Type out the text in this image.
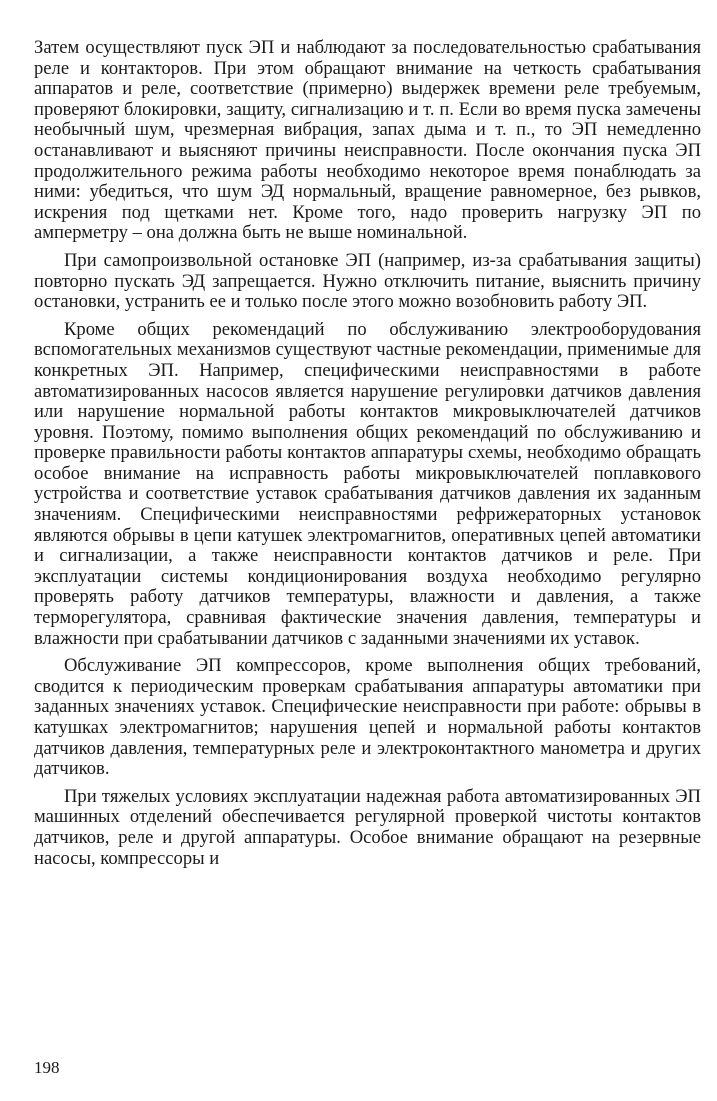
Затем осуществляют пуск ЭП и наблюдают за последовательностью срабатывания реле и контакторов. При этом обращают внимание на четкость срабатывания аппаратов и реле, соответствие (примерно) выдержек времени реле требуемым, проверяют блокировки, защиту, сигнализацию и т. п. Если во время пуска замечены необычный шум, чрезмерная вибрация, запах дыма и т. п., то ЭП немедленно останавливают и выясняют причины неисправности. После окончания пуска ЭП продолжительного режима работы необходимо некоторое время понаблюдать за ними: убедиться, что шум ЭД нормальный, вращение равномерное, без рывков, искрения под щетками нет. Кроме того, надо проверить нагрузку ЭП по амперметру – она должна быть не выше номинальной.

При самопроизвольной остановке ЭП (например, из-за срабатывания защиты) повторно пускать ЭД запрещается. Нужно отключить питание, выяснить причину остановки, устранить ее и только после этого можно возобновить работу ЭП.

Кроме общих рекомендаций по обслуживанию электрооборудования вспомогательных механизмов существуют частные рекомендации, применимые для конкретных ЭП. Например, специфическими неисправностями в работе автоматизированных насосов является нарушение регулировки датчиков давления или нарушение нормальной работы контактов микровыключателей датчиков уровня. Поэтому, помимо выполнения общих рекомендаций по обслуживанию и проверке правильности работы контактов аппаратуры схемы, необходимо обращать особое внимание на исправность работы микровыключателей поплавкового устройства и соответствие уставок срабатывания датчиков давления их заданным значениям. Специфическими неисправностями рефрижераторных установок являются обрывы в цепи катушек электромагнитов, оперативных цепей автоматики и сигнализации, а также неисправности контактов датчиков и реле. При эксплуатации системы кондиционирования воздуха необходимо регулярно проверять работу датчиков температуры, влажности и давления, а также терморегулятора, сравнивая фактические значения давления, температуры и влажности при срабатывании датчиков с заданными значениями их уставок.

Обслуживание ЭП компрессоров, кроме выполнения общих требований, сводится к периодическим проверкам срабатывания аппаратуры автоматики при заданных значениях уставок. Специфические неисправности при работе: обрывы в катушках электромагнитов; нарушения цепей и нормальной работы контактов датчиков давления, температурных реле и электроконтактного манометра и других датчиков.

При тяжелых условиях эксплуатации надежная работа автоматизированных ЭП машинных отделений обеспечивается регулярной проверкой чистоты контактов датчиков, реле и другой аппаратуры. Особое внимание обращают на резервные насосы, компрессоры и

198
